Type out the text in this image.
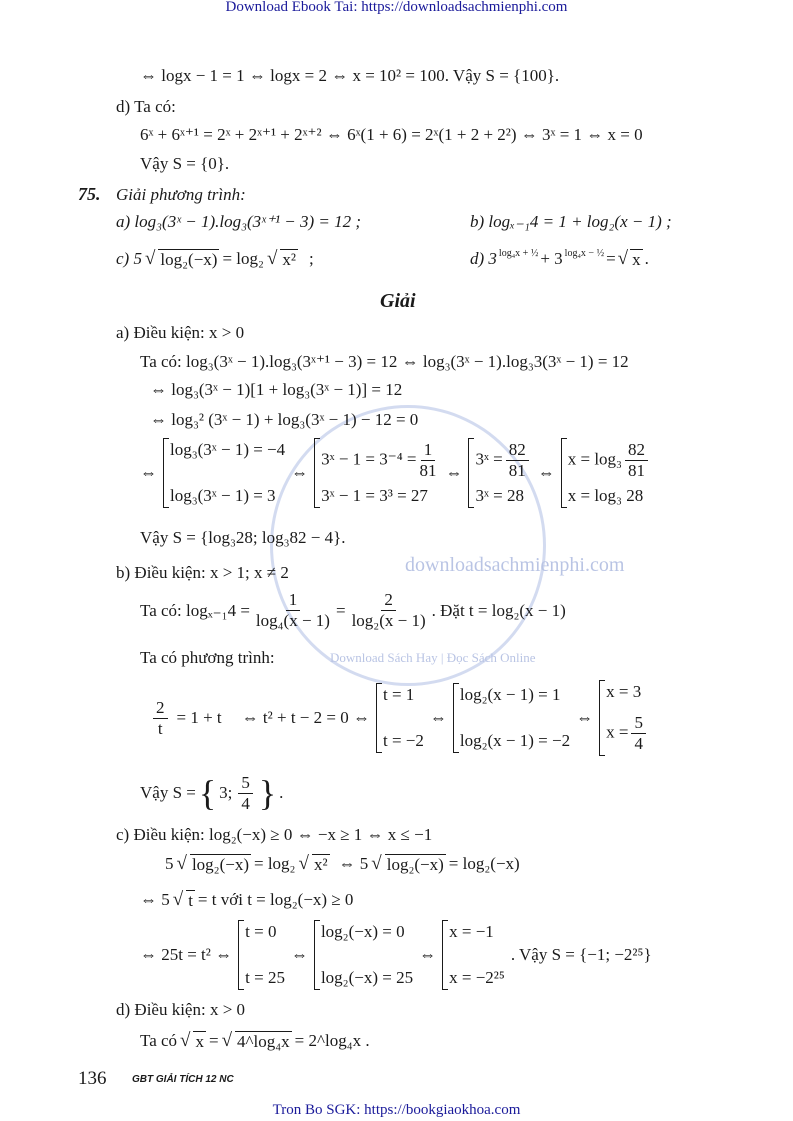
downloadsachmienphi.com
Download Sách Hay | Đọc Sách Online
Download Ebook Tai: https://downloadsachmienphi.com
⇔ logx − 1 = 1 ⇔ logx = 2 ⇔ x = 10² = 100. Vậy S = {100}.
d) Ta có:
6ˣ + 6ˣ⁺¹ = 2ˣ + 2ˣ⁺¹ + 2ˣ⁺² ⇔ 6ˣ(1 + 6) = 2ˣ(1 + 2 + 2²) ⇔ 3ˣ = 1 ⇔ x = 0
Vậy S = {0}.
75. Giải phương trình:
a) log₃(3ˣ − 1).log₃(3ˣ⁺¹ − 3) = 12 ;	b) logₓ₋₁4 = 1 + log₂(x − 1) ;
c) 5 √ log₂(−x) = log₂ √ x² ;	d) $3^{log_4x + \frac{1}{2}} + 3^{log_4x - \frac{1}{2}}$ = √ x .
Giải
a) Điều kiện: x > 0
Ta có: log₃(3ˣ − 1).log₃(3ˣ⁺¹ − 3) = 12 ⇔ log₃(3ˣ − 1).log₃3(3ˣ − 1) = 12
⇔ log₃(3ˣ − 1)[1 + log₃(3ˣ − 1)] = 12
⇔ log₃² (3ˣ − 1) + log₃(3ˣ − 1) − 12 = 0
⇔
log₃(3ˣ − 1) = −4
log₃(3ˣ − 1) = 3
⇔
3ˣ − $1 = 3^{-4} = \frac{1}{81}$
3ˣ − 1 = 3³ = 27
⇔
3ˣ = $\frac{82}{81}$
3ˣ = 28
⇔
$x = \log_3 \frac{82}{81}$
x = log₃ 28
Vậy S = {log₃28; log₃82 − 4}.
b) Điều kiện: x > 1; x ≠ 2
Ta có: $\log_{x-1}4 = \frac{1}{\text{log₄(x − 1)}} = \frac{2}{\text{log₂(x − 1)}}$ . Đặt t = log₂(x − 1)
Ta có phương trình:
$\frac{2}{t} = 1 + t$ ⇔ t² + t − 2 = 0 ⇔
t = 1
t = −2
⇔
log₂(x − 1) = 1
log₂(x − 1) = −2
⇔
x = 3
$x = \frac{5}{4}$
Vậy S = { 3; $\frac{5}{4}$ } .
c) Điều kiện: log₂(−x) ≥ 0 ⇔ −x ≥ 1 ⇔ x ≤ −1
5 √ log₂(−x) = log₂ √ x² ⇔ 5 √ log₂(−x) = log₂(−x)
⇔ 5 √ t = t với t = log₂(−x) ≥ 0
⇔ 25t = t² ⇔
t = 0
t = 25
⇔
log₂(−x) = 0
log₂(−x) = 25
⇔
x = −1
x = −2²⁵
. Vậy S = {−1; −2²⁵}
d) Điều kiện: x > 0
Ta có √ x = √ 4^log₄x = 2^log₄x .
136	GBT GIẢI TÍCH 12 NC
Tron Bo SGK: https://bookgiaokhoa.com
